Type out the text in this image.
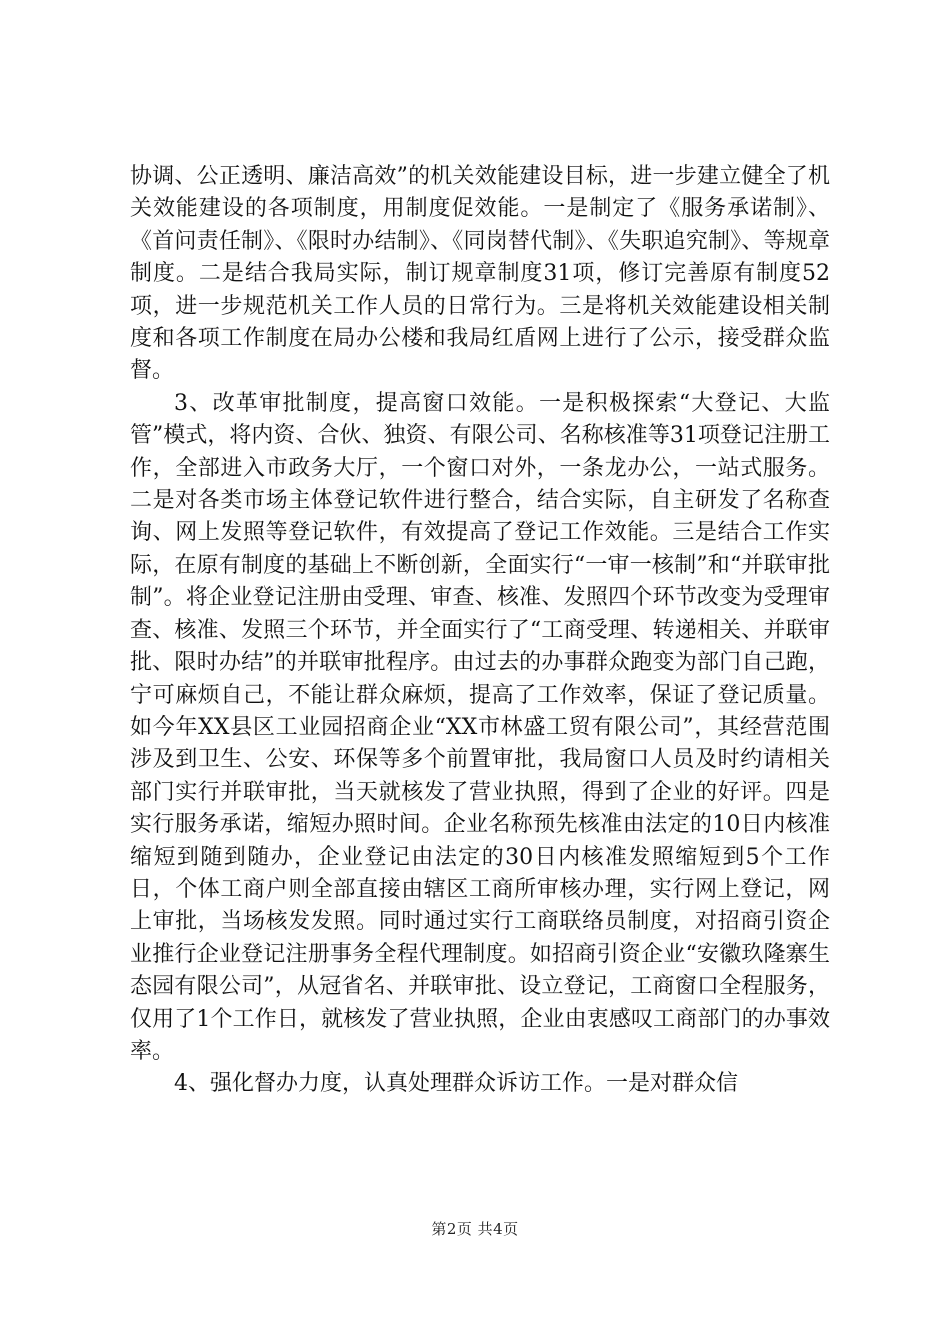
协调、公正透明、廉洁高效”的机关效能建设目标，进一步建立健全了机关效能建设的各项制度，用制度促效能。一是制定了《服务承诺制》、《首问责任制》、《限时办结制》、《同岗替代制》、《失职追究制》、等规章制度。二是结合我局实际，制订规章制度31项，修订完善原有制度52项，进一步规范机关工作人员的日常行为。三是将机关效能建设相关制度和各项工作制度在局办公楼和我局红盾网上进行了公示，接受群众监督。

3、改革审批制度，提高窗口效能。一是积极探索“大登记、大监管”模式，将内资、合伙、独资、有限公司、名称核准等31项登记注册工作，全部进入市政务大厅，一个窗口对外，一条龙办公，一站式服务。二是对各类市场主体登记软件进行整合，结合实际，自主研发了名称查询、网上发照等登记软件，有效提高了登记工作效能。三是结合工作实际，在原有制度的基础上不断创新，全面实行“一审一核制”和“并联审批制”。将企业登记注册由受理、审查、核准、发照四个环节改变为受理审查、核准、发照三个环节，并全面实行了“工商受理、转递相关、并联审批、限时办结”的并联审批程序。由过去的办事群众跑变为部门自己跑，宁可麻烦自己，不能让群众麻烦，提高了工作效率，保证了登记质量。如今年XX县区工业园招商企业“XX市林盛工贸有限公司”，其经营范围涉及到卫生、公安、环保等多个前置审批，我局窗口人员及时约请相关部门实行并联审批，当天就核发了营业执照，得到了企业的好评。四是实行服务承诺，缩短办照时间。企业名称预先核准由法定的10日内核准缩短到随到随办，企业登记由法定的30日内核准发照缩短到5个工作日，个体工商户则全部直接由辖区工商所审核办理，实行网上登记，网上审批，当场核发发照。同时通过实行工商联络员制度，对招商引资企业推行企业登记注册事务全程代理制度。如招商引资企业“安徽玖隆寨生态园有限公司”，从冠省名、并联审批、设立登记，工商窗口全程服务，仅用了1个工作日，就核发了营业执照，企业由衷感叹工商部门的办事效率。

4、强化督办力度，认真处理群众诉访工作。一是对群众信

第2页 共4页
